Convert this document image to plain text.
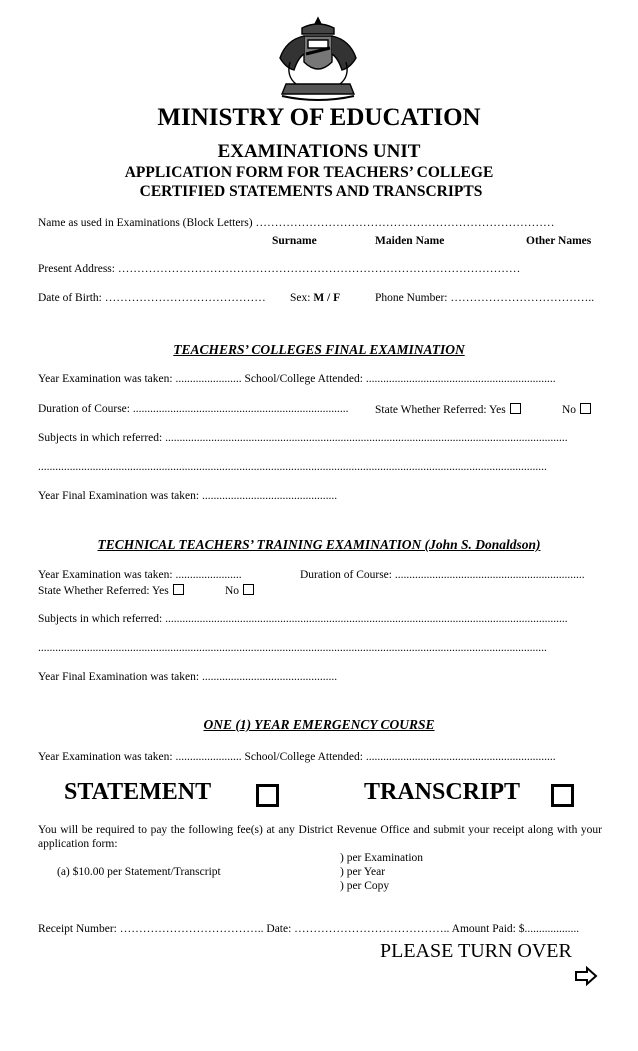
MINISTRY OF EDUCATION
EXAMINATIONS UNIT
APPLICATION FORM FOR TEACHERS’ COLLEGE
CERTIFIED STATEMENTS AND TRANSCRIPTS
Name as used in Examinations (Block Letters) ……………………………………………………………………
Surname	Maiden Name	Other Names
Present Address: ……………………………………………………………………………………………
Date of Birth: …………………………………… Sex: M / F	Phone Number: ………………………………..
TEACHERS’ COLLEGES FINAL EXAMINATION
Year Examination was taken: ....................... School/College Attended: ..................................................................
Duration of Course: ........................................................................... State Whether Referred: Yes	No
Subjects in which referred: ............................................................................................................................................
.................................................................................................................................................................................
Year Final Examination was taken: ...............................................
TECHNICAL TEACHERS’ TRAINING EXAMINATION (John S. Donaldson)
Year Examination was taken: .......................	Duration of Course: ..................................................................
State Whether Referred: Yes	No
Subjects in which referred: ............................................................................................................................................
.................................................................................................................................................................................
Year Final Examination was taken: ...............................................
ONE (1) YEAR EMERGENCY COURSE
Year Examination was taken: ....................... School/College Attended: ..................................................................
STATEMENT	TRANSCRIPT
You will be required to pay the following fee(s) at any District Revenue Office and submit your receipt along with your application form:
(a) $10.00 per Statement/Transcript
) per Examination
) per Year
) per Copy
Receipt Number: ……………………………….. Date: ………………………………….. Amount Paid: $...................
PLEASE TURN OVER
